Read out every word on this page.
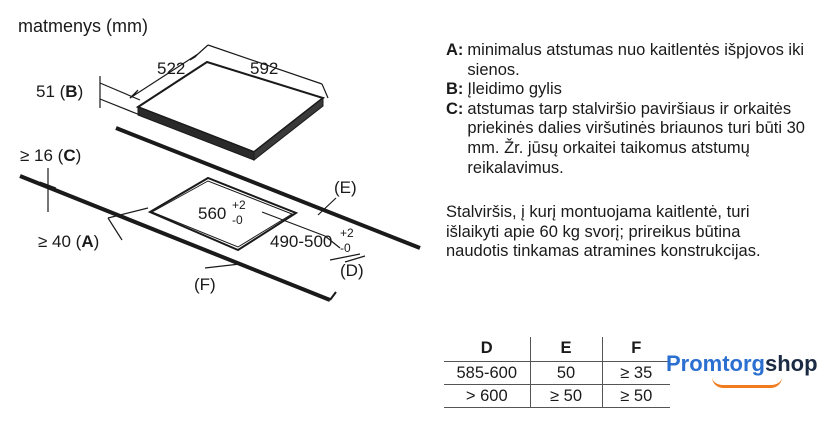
matmenys (mm)
522	592
51 (B)
≥ 16 (C)
≥ 40 (A)
560 +2
-0
490-500 +2
-0
(E)
(D)
(F)
A: minimalus atstumas nuo kaitlentės išpjovos iki sienos.
B: Įleidimo gylis
C: atstumas tarp stalviršio paviršiaus ir orkaitės priekinės dalies viršutinės briaunos turi būti 30 mm. Žr. jūsų orkaitei taikomus atstumų reikalavimus.
Stalviršis, į kurį montuojama kaitlentė, turi išlaikyti apie 60 kg svorį; prireikus būtina naudotis tinkamas atramines konstrukcijas.
D	E	F
585-600	50	≥ 35
> 600	≥ 50	≥ 50
Promtorgshop
